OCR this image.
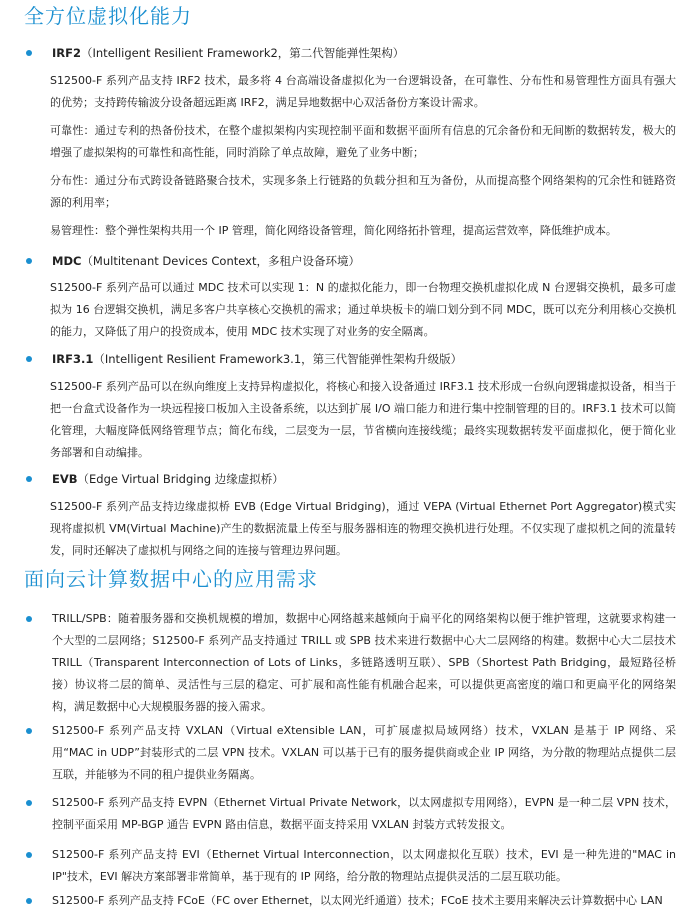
全方位虚拟化能力
IRF2（Intelligent Resilient Framework2，第二代智能弹性架构）

S12500-F 系列产品支持 IRF2 技术，最多将 4 台高端设备虚拟化为一台逻辑设备，在可靠性、分布性和易管理性方面具有强大的优势；支持跨传输波分设备超远距离 IRF2，满足异地数据中心双活备份方案设计需求。

可靠性：通过专利的热备份技术，在整个虚拟架构内实现控制平面和数据平面所有信息的冗余备份和无间断的数据转发，极大的增强了虚拟架构的可靠性和高性能，同时消除了单点故障，避免了业务中断；

分布性：通过分布式跨设备链路聚合技术，实现多条上行链路的负载分担和互为备份，从而提高整个网络架构的冗余性和链路资源的利用率；

易管理性：整个弹性架构共用一个 IP 管理，简化网络设备管理，简化网络拓扑管理，提高运营效率，降低维护成本。

MDC（Multitenant Devices Context，多租户设备环境）

S12500-F 系列产品可以通过 MDC 技术可以实现 1：N 的虚拟化能力，即一台物理交换机虚拟化成 N 台逻辑交换机，最多可虚拟为 16 台逻辑交换机，满足多客户共享核心交换机的需求；通过单块板卡的端口划分到不同 MDC，既可以充分利用核心交换机的能力，又降低了用户的投资成本，使用 MDC 技术实现了对业务的安全隔离。

IRF3.1（Intelligent Resilient Framework3.1，第三代智能弹性架构升级版）

S12500-F 系列产品可以在纵向维度上支持异构虚拟化，将核心和接入设备通过 IRF3.1 技术形成一台纵向逻辑虚拟设备，相当于把一台盒式设备作为一块远程接口板加入主设备系统，以达到扩展 I/O 端口能力和进行集中控制管理的目的。IRF3.1 技术可以简化管理，大幅度降低网络管理节点；简化布线，二层变为一层，节省横向连接线缆；最终实现数据转发平面虚拟化，便于简化业务部署和自动编排。

EVB（Edge Virtual Bridging 边缘虚拟桥）

S12500-F 系列产品支持边缘虚拟桥 EVB (Edge Virtual Bridging)，通过 VEPA (Virtual Ethernet Port Aggregator)模式实现将虚拟机 VM(Virtual Machine)产生的数据流量上传至与服务器相连的物理交换机进行处理。不仅实现了虚拟机之间的流量转发，同时还解决了虚拟机与网络之间的连接与管理边界问题。

面向云计算数据中心的应用需求

TRILL/SPB：随着服务器和交换机规模的增加，数据中心网络越来越倾向于扁平化的网络架构以便于维护管理，这就要求构建一个大型的二层网络；S12500-F 系列产品支持通过 TRILL 或 SPB 技术来进行数据中心大二层网络的构建。数据中心大二层技术 TRILL（Transparent Interconnection of Lots of Links，多链路透明互联）、SPB（Shortest Path Bridging，最短路径桥接）协议将二层的简单、灵活性与三层的稳定、可扩展和高性能有机融合起来，可以提供更高密度的端口和更扁平化的网络架构，满足数据中心大规模服务器的接入需求。

S12500-F 系列产品支持 VXLAN（Virtual eXtensible LAN，可扩展虚拟局域网络）技术，VXLAN 是基于 IP 网络、采用“MAC in UDP”封装形式的二层 VPN 技术。VXLAN 可以基于已有的服务提供商或企业 IP 网络，为分散的物理站点提供二层互联，并能够为不同的租户提供业务隔离。

S12500-F 系列产品支持 EVPN（Ethernet Virtual Private Network，以太网虚拟专用网络），EVPN 是一种二层 VPN 技术，控制平面采用 MP-BGP 通告 EVPN 路由信息，数据平面支持采用 VXLAN 封装方式转发报文。

S12500-F 系列产品支持 EVI（Ethernet Virtual Interconnection，以太网虚拟化互联）技术，EVI 是一种先进的"MAC in IP"技术，EVI 解决方案部署非常简单，基于现有的 IP 网络，给分散的物理站点提供灵活的二层互联功能。

S12500-F 系列产品支持 FCoE（FC over Ethernet，以太网光纤通道）技术；FCoE 技术主要用来解决云计算数据中心 LAN
